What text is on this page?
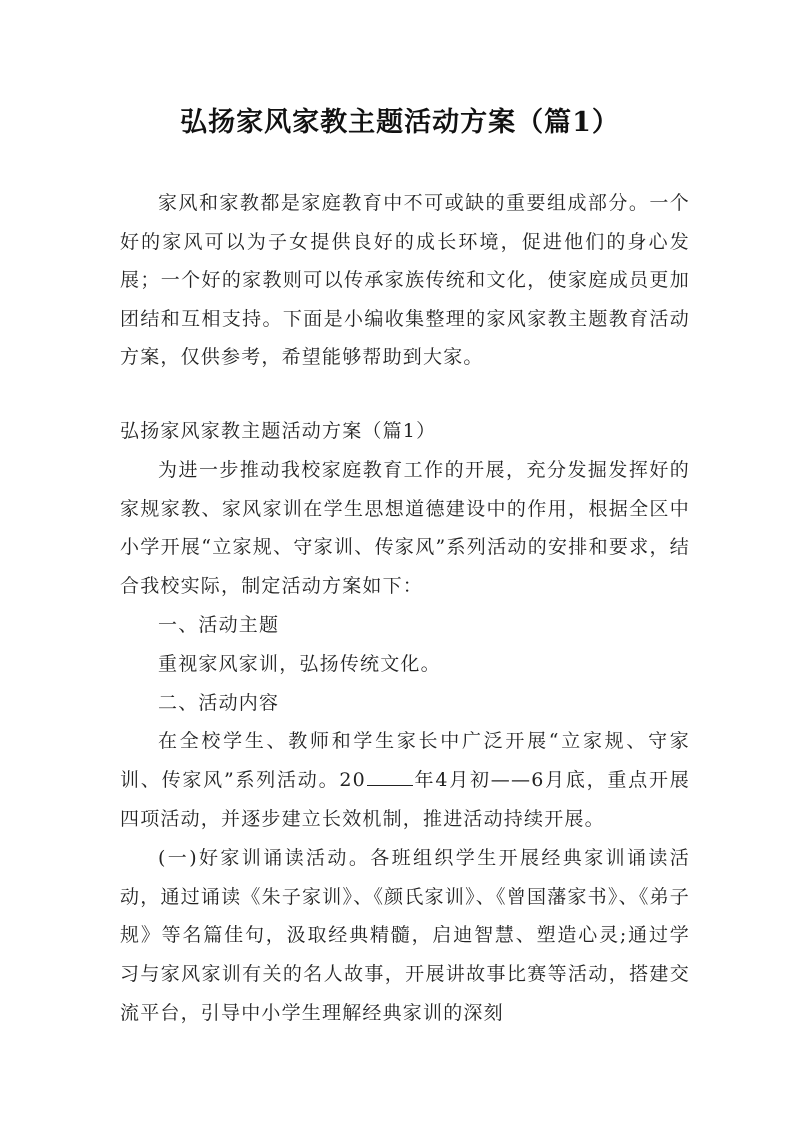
弘扬家风家教主题活动方案（篇1）

家风和家教都是家庭教育中不可或缺的重要组成部分。一个好的家风可以为子女提供良好的成长环境，促进他们的身心发展；一个好的家教则可以传承家族传统和文化，使家庭成员更加团结和互相支持。下面是小编收集整理的家风家教主题教育活动方案，仅供参考，希望能够帮助到大家。

弘扬家风家教主题活动方案（篇1）

为进一步推动我校家庭教育工作的开展，充分发掘发挥好的家规家教、家风家训在学生思想道德建设中的作用，根据全区中小学开展“立家规、守家训、传家风”系列活动的安排和要求，结合我校实际，制定活动方案如下：

一、活动主题

重视家风家训，弘扬传统文化。

二、活动内容

在全校学生、教师和学生家长中广泛开展“立家规、守家训、传家风”系列活动。20	年4月初——6月底，重点开展四项活动，并逐步建立长效机制，推进活动持续开展。

(一)好家训诵读活动。各班组织学生开展经典家训诵读活动，通过诵读《朱子家训》、《颜氏家训》、《曾国藩家书》、《弟子规》等名篇佳句，汲取经典精髓，启迪智慧、塑造心灵;通过学习与家风家训有关的名人故事，开展讲故事比赛等活动，搭建交流平台，引导中小学生理解经典家训的深刻
